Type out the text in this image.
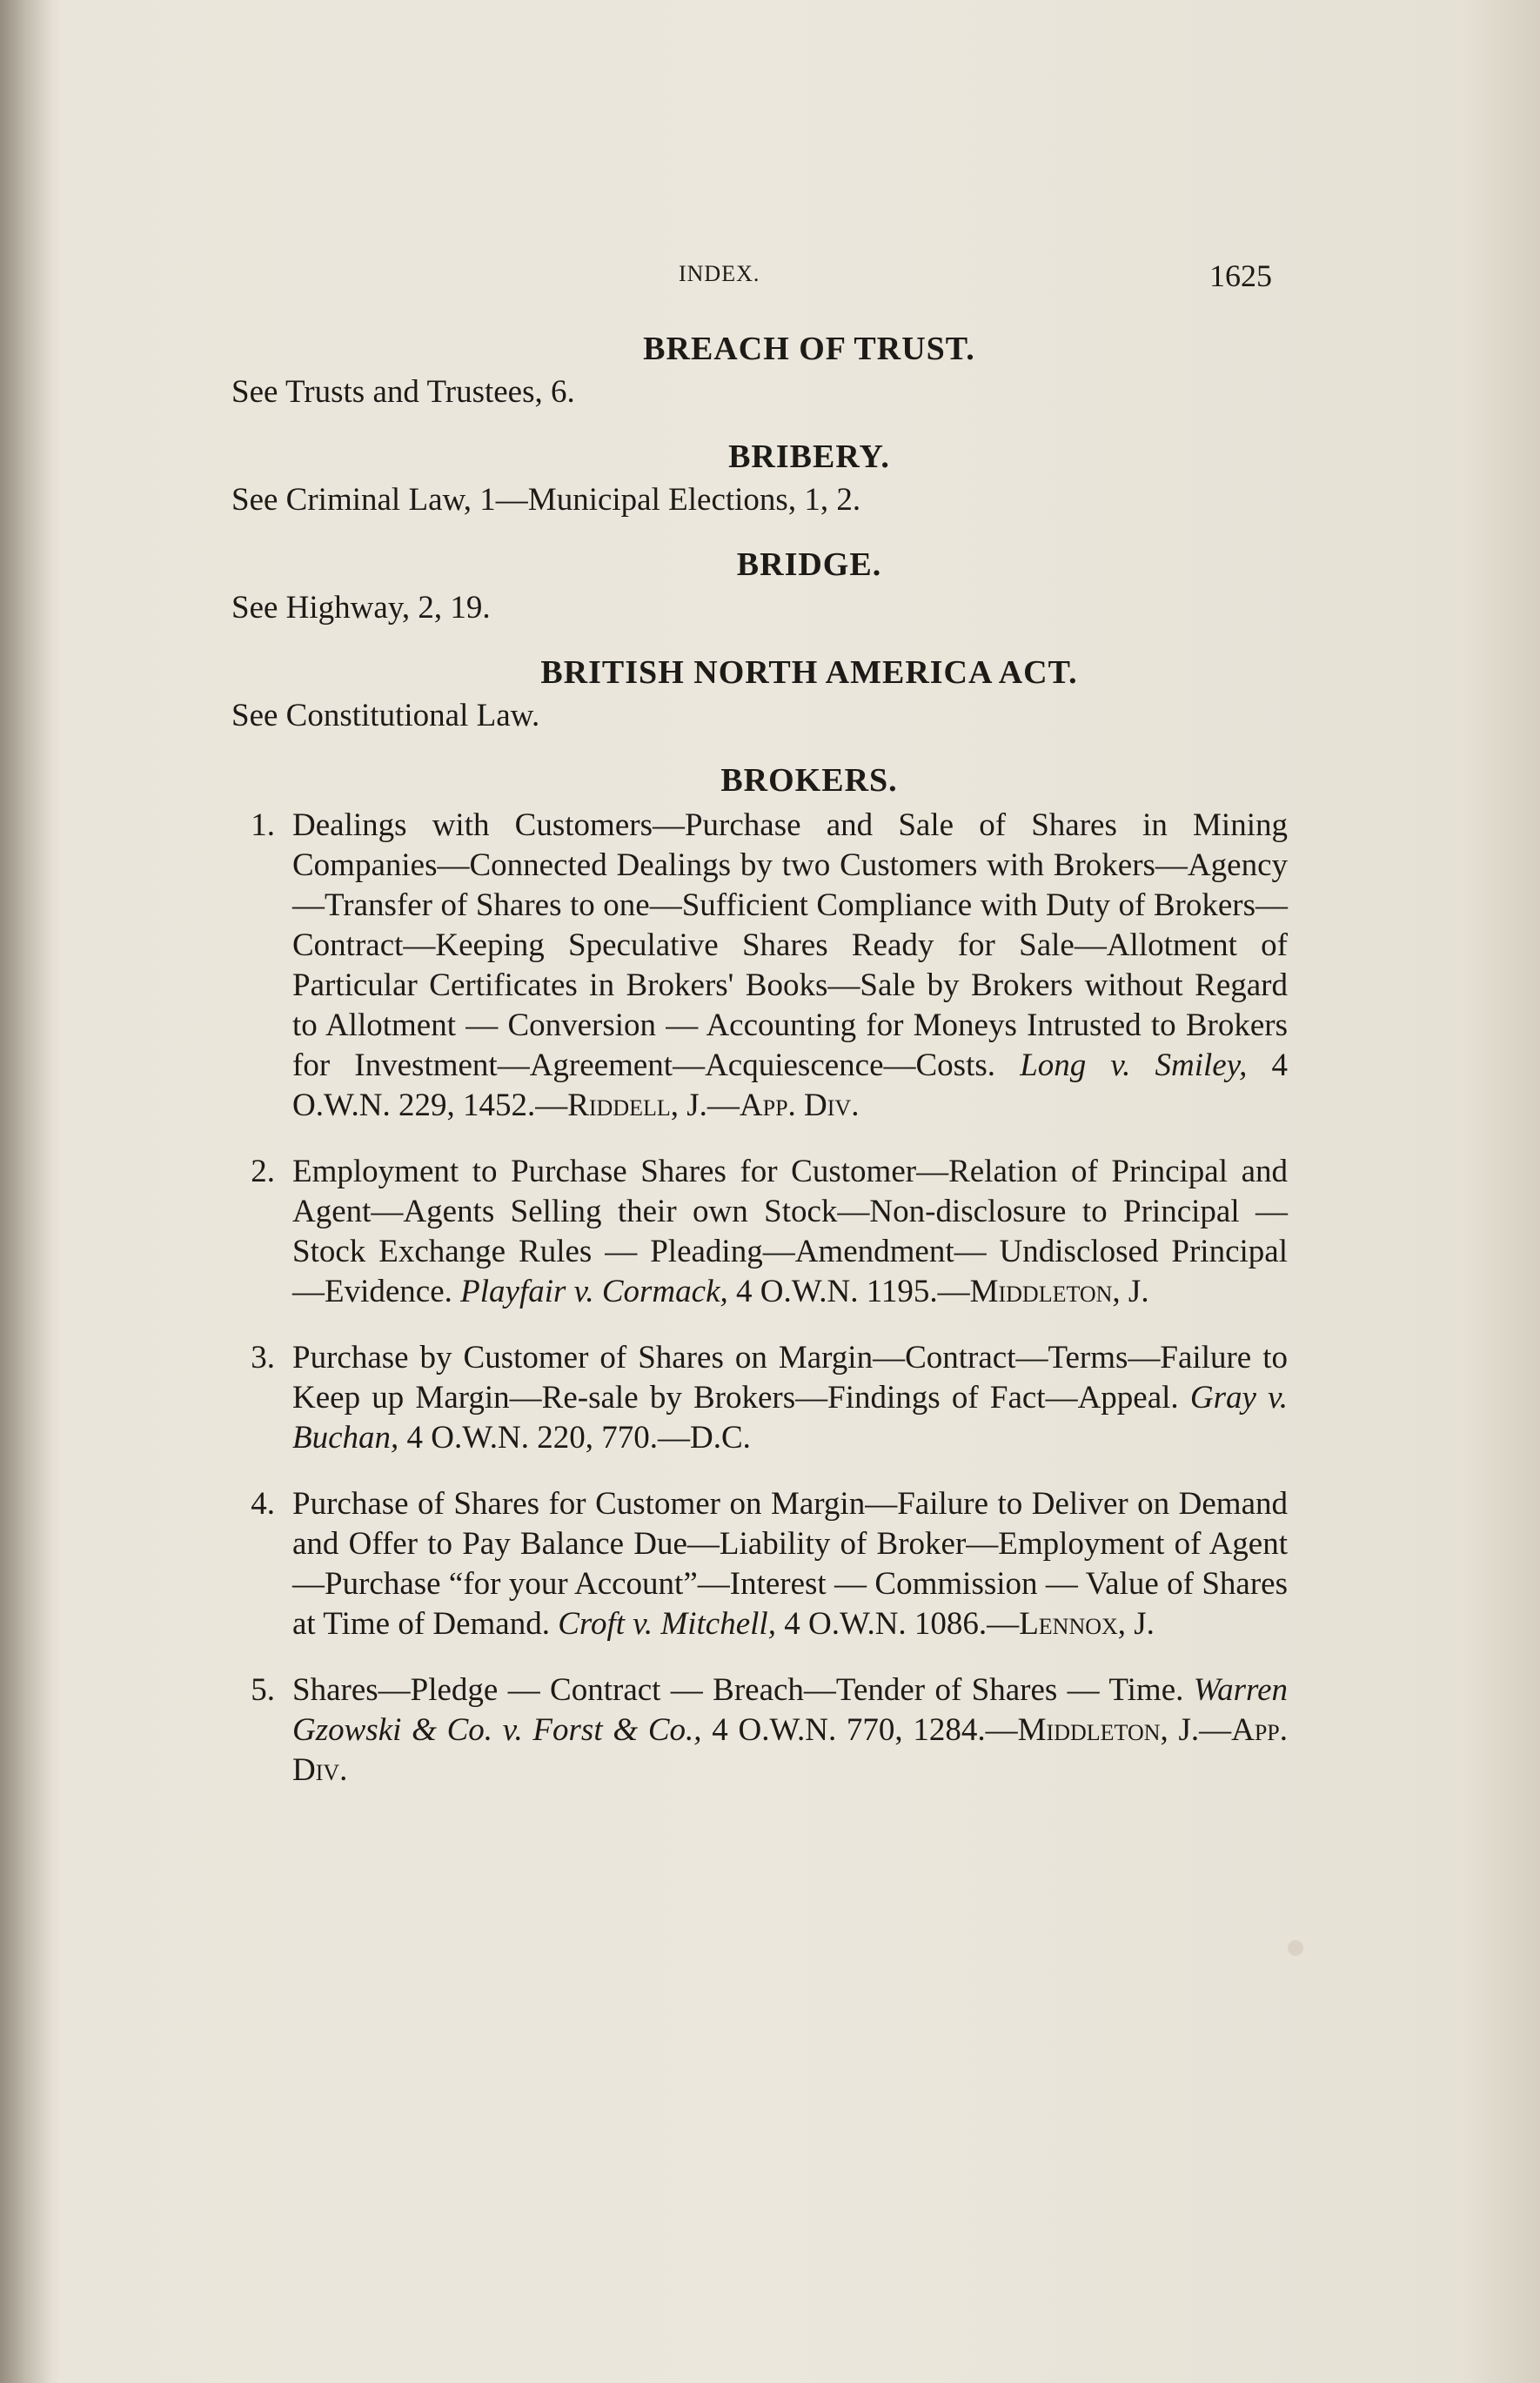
INDEX.	1625
BREACH OF TRUST.

See Trusts and Trustees, 6.

BRIBERY.

See Criminal Law, 1—Municipal Elections, 1, 2.

BRIDGE.

See Highway, 2, 19.

BRITISH NORTH AMERICA ACT.

See Constitutional Law.

BROKERS.
1. Dealings with Customers—Purchase and Sale of Shares in Mining Companies—Connected Dealings by two Customers with Brokers—Agency—Transfer of Shares to one—Sufficient Compliance with Duty of Brokers—Contract—Keeping Speculative Shares Ready for Sale—Allotment of Particular Certificates in Brokers' Books—Sale by Brokers without Regard to Allotment — Conversion — Accounting for Moneys Intrusted to Brokers for Investment—Agreement—Acquiescence—Costs. Long v. Smiley, 4 O.W.N. 229, 1452.—Riddell, J.—App. Div.
2. Employment to Purchase Shares for Customer—Relation of Principal and Agent—Agents Selling their own Stock—Non-disclosure to Principal — Stock Exchange Rules — Pleading—Amendment— Undisclosed Principal—Evidence. Playfair v. Cormack, 4 O.W.N. 1195.—Middleton, J.
3. Purchase by Customer of Shares on Margin—Contract—Terms—Failure to Keep up Margin—Re-sale by Brokers—Findings of Fact—Appeal. Gray v. Buchan, 4 O.W.N. 220, 770.—D.C.
4. Purchase of Shares for Customer on Margin—Failure to Deliver on Demand and Offer to Pay Balance Due—Liability of Broker—Employment of Agent—Purchase “for your Account”—Interest — Commission — Value of Shares at Time of Demand. Croft v. Mitchell, 4 O.W.N. 1086.—Lennox, J.
5. Shares—Pledge — Contract — Breach—Tender of Shares — Time. Warren Gzowski & Co. v. Forst & Co., 4 O.W.N. 770, 1284.—Middleton, J.—App. Div.
